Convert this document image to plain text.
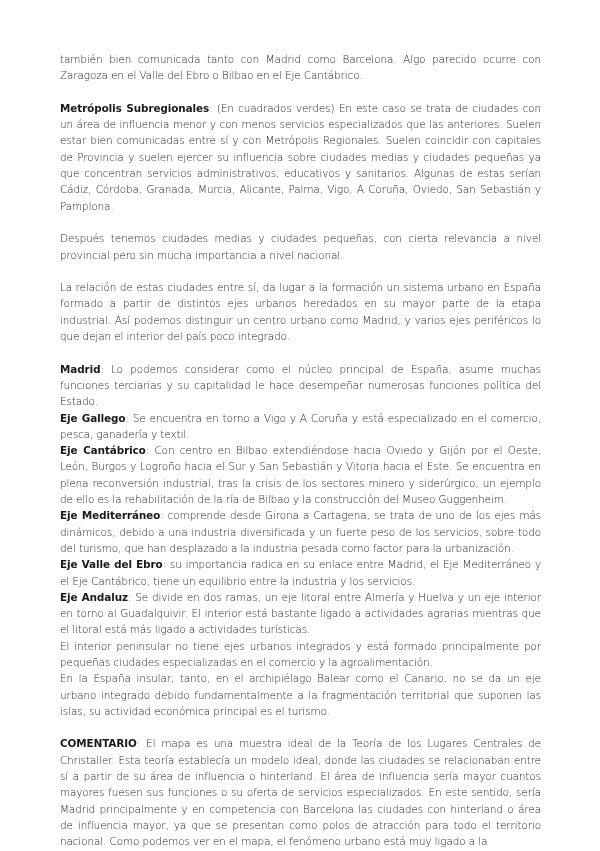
también bien comunicada tanto con Madrid como Barcelona. Algo parecido ocurre con Zaragoza en el Valle del Ebro o Bilbao en el Eje Cantábrico.

Metrópolis Subregionales: (En cuadrados verdes) En este caso se trata de ciudades con un área de influencia menor y con menos servicios especializados que las anteriores. Suelen estar bien comunicadas entre sí y con Metrópolis Regionales. Suelen coincidir con capitales de Provincia y suelen ejercer su influencia sobre ciudades medias y ciudades pequeñas ya que concentran servicios administrativos, educativos y sanitarios. Algunas de estas serían Cádiz, Córdoba, Granada, Murcia, Alicante, Palma, Vigo, A Coruña, Oviedo, San Sebastián y Pamplona.

Después tenemos ciudades medias y ciudades pequeñas, con cierta relevancia a nivel provincial pero sin mucha importancia a nivel nacional.

La relación de estas ciudades entre sí, da lugar a la formación un sistema urbano en España formado a partir de distintos ejes urbanos heredados en su mayor parte de la etapa industrial. Así podemos distinguir un centro urbano como Madrid, y varios ejes periféricos lo que dejan el interior del país poco integrado.

Madrid: Lo podemos considerar como el núcleo principal de España, asume muchas funciones terciarias y su capitalidad le hace desempeñar numerosas funciones política del Estado.

Eje Gallego: Se encuentra en torno a Vigo y A Coruña y está especializado en el comercio, pesca, ganadería y textil.

Eje Cantábrico: Con centro en Bilbao extendiéndose hacia Oviedo y Gijón por el Oeste, León, Burgos y Logroño hacia el Sur y San Sebastián y Vitoria hacia el Este. Se encuentra en plena reconversión industrial, tras la crisis de los sectores minero y siderúrgico, un ejemplo de ello es la rehabilitación de la ría de Bilbao y la construcción del Museo Guggenheim.

Eje Mediterráneo: comprende desde Girona a Cartagena, se trata de uno de los ejes más dinámicos, debido a una industria diversificada y un fuerte peso de los servicios, sobre todo del turismo, que han desplazado a la industria pesada como factor para la urbanización.

Eje Valle del Ebro: su importancia radica en su enlace entre Madrid, el Eje Mediterráneo y el Eje Cantábrico, tiene un equilibrio entre la industria y los servicios.

Eje Andaluz: Se divide en dos ramas, un eje litoral entre Almería y Huelva y un eje interior en torno al Guadalquivir. El interior está bastante ligado a actividades agrarias mientras que el litoral está más ligado a actividades turísticas.

El interior peninsular no tiene ejes urbanos integrados y está formado principalmente por pequeñas ciudades especializadas en el comercio y la agroalimentación.

En la España insular, tanto, en el archipiélago Balear como el Canario, no se da un eje urbano integrado debido fundamentalmente a la fragmentación territorial que suponen las islas, su actividad económica principal es el turismo.

COMENTARIO: El mapa es una muestra ideal de la Teoría de los Lugares Centrales de Christaller. Esta teoría establecía un modelo ideal, donde las ciudades se relacionaban entre sí a partir de su área de influencia o hinterland. El área de influencia sería mayor cuantos mayores fuesen sus funciones o su oferta de servicios especializados. En este sentido, sería Madrid principalmente y en competencia con Barcelona las ciudades con hinterland o área de influencia mayor, ya que se presentan como polos de atracción para todo el territorio nacional. Como podemos ver en el mapa, el fenómeno urbano está muy ligado a la
